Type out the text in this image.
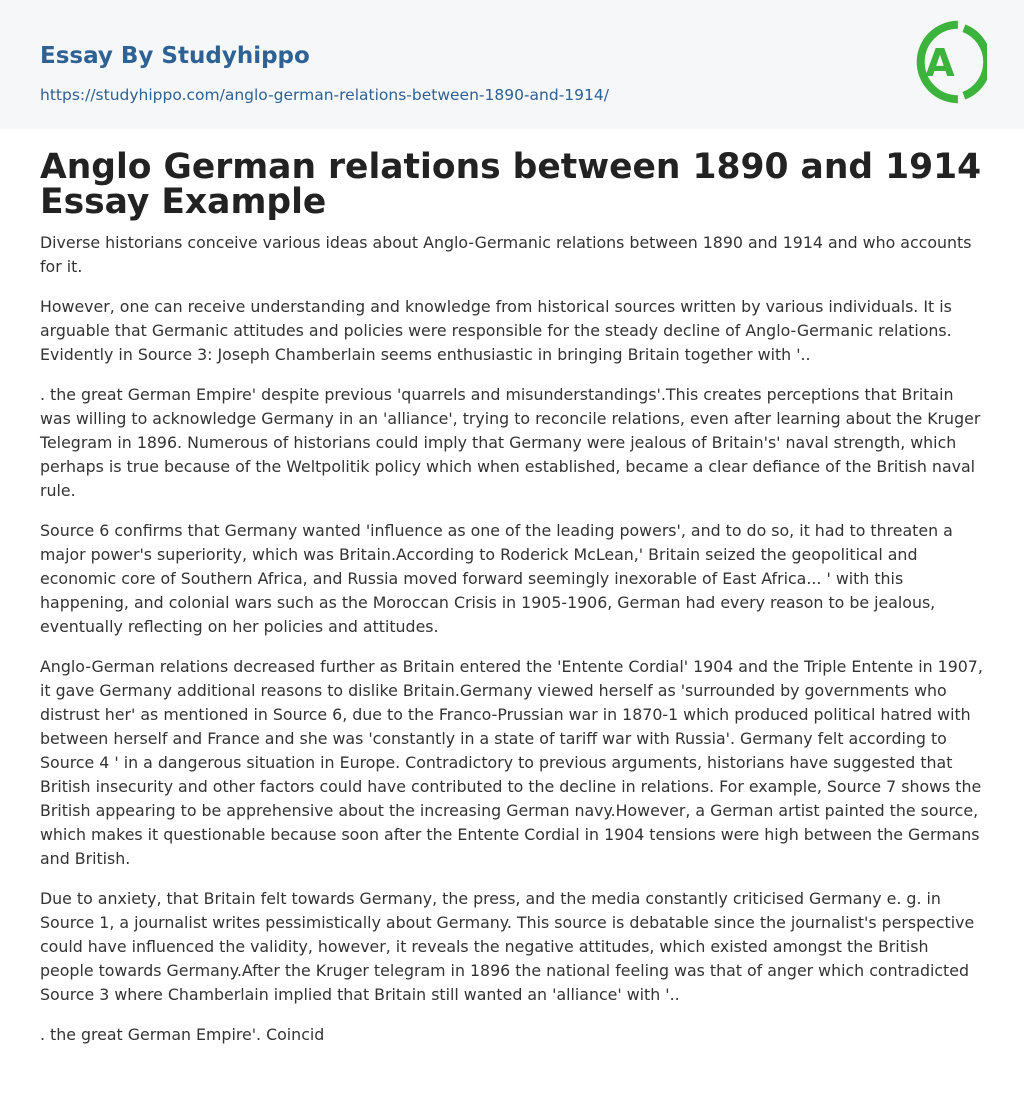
Essay By Studyhippo
https://studyhippo.com/anglo-german-relations-between-1890-and-1914/
A
Anglo German relations between 1890 and 1914 Essay Example

Diverse historians conceive various ideas about Anglo-Germanic relations between 1890 and 1914 and who accounts for it.

However, one can receive understanding and knowledge from historical sources written by various individuals. It is arguable that Germanic attitudes and policies were responsible for the steady decline of Anglo-Germanic relations. Evidently in Source 3: Joseph Chamberlain seems enthusiastic in bringing Britain together with '..

. the great German Empire' despite previous 'quarrels and misunderstandings'.This creates perceptions that Britain was willing to acknowledge Germany in an 'alliance', trying to reconcile relations, even after learning about the Kruger Telegram in 1896. Numerous of historians could imply that Germany were jealous of Britain's' naval strength, which perhaps is true because of the Weltpolitik policy which when established, became a clear defiance of the British naval rule.

Source 6 confirms that Germany wanted 'influence as one of the leading powers', and to do so, it had to threaten a major power's superiority, which was Britain.According to Roderick McLean,' Britain seized the geopolitical and economic core of Southern Africa, and Russia moved forward seemingly inexorable of East Africa... ' with this happening, and colonial wars such as the Moroccan Crisis in 1905-1906, German had every reason to be jealous, eventually reflecting on her policies and attitudes.

Anglo-German relations decreased further as Britain entered the 'Entente Cordial' 1904 and the Triple Entente in 1907, it gave Germany additional reasons to dislike Britain.Germany viewed herself as 'surrounded by governments who distrust her' as mentioned in Source 6, due to the Franco-Prussian war in 1870-1 which produced political hatred with between herself and France and she was 'constantly in a state of tariff war with Russia'. Germany felt according to Source 4 ' in a dangerous situation in Europe. Contradictory to previous arguments, historians have suggested that British insecurity and other factors could have contributed to the decline in relations. For example, Source 7 shows the British appearing to be apprehensive about the increasing German navy.However, a German artist painted the source, which makes it questionable because soon after the Entente Cordial in 1904 tensions were high between the Germans and British.

Due to anxiety, that Britain felt towards Germany, the press, and the media constantly criticised Germany e. g. in Source 1, a journalist writes pessimistically about Germany. This source is debatable since the journalist's perspective could have influenced the validity, however, it reveals the negative attitudes, which existed amongst the British people towards Germany.After the Kruger telegram in 1896 the national feeling was that of anger which contradicted Source 3 where Chamberlain implied that Britain still wanted an 'alliance' with '..

. the great German Empire'. Coincid
